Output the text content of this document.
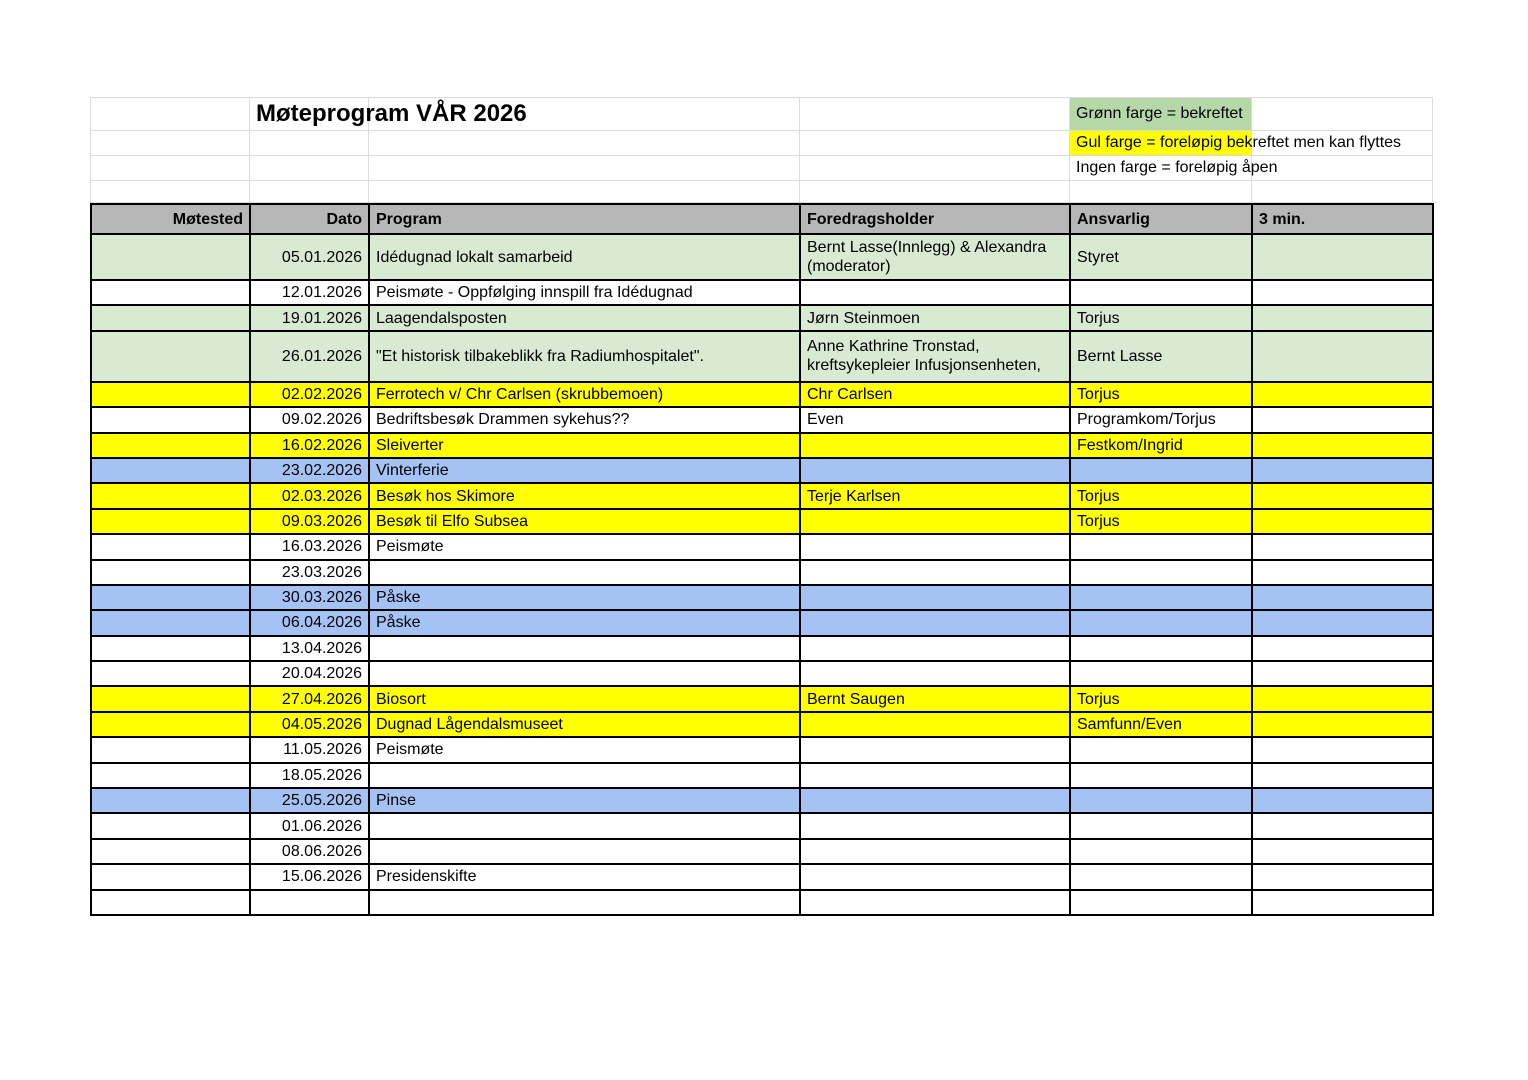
	Møteprogram VÅR 2026			Grønn farge = bekreftet	
				Gul farge = foreløpig bekreftet men kan flyttes	
				Ingen farge = foreløpig åpen	

Møtested	Dato	Program	Foredragsholder	Ansvarlig	3 min.
	05.01.2026	Idédugnad lokalt samarbeid	Bernt Lasse(Innlegg) & Alexandra (moderator)	Styret	
	12.01.2026	Peismøte - Oppfølging innspill fra Idédugnad			
	19.01.2026	Laagendalsposten	Jørn Steinmoen	Torjus	
	26.01.2026	"Et historisk tilbakeblikk fra Radiumhospitalet".	Anne Kathrine Tronstad, kreftsykepleier Infusjonsenheten,	Bernt Lasse	
	02.02.2026	Ferrotech v/ Chr Carlsen (skrubbemoen)	Chr Carlsen	Torjus	
	09.02.2026	Bedriftsbesøk Drammen sykehus??	Even	Programkom/Torjus	
	16.02.2026	Sleiverter		Festkom/Ingrid	
	23.02.2026	Vinterferie			
	02.03.2026	Besøk hos Skimore	Terje Karlsen	Torjus	
	09.03.2026	Besøk til Elfo Subsea		Torjus	
	16.03.2026	Peismøte			
	23.03.2026				
	30.03.2026	Påske			
	06.04.2026	Påske			
	13.04.2026				
	20.04.2026				
	27.04.2026	Biosort	Bernt Saugen	Torjus	
	04.05.2026	Dugnad Lågendalsmuseet		Samfunn/Even	
	11.05.2026	Peismøte			
	18.05.2026				
	25.05.2026	Pinse			
	01.06.2026				
	08.06.2026				
	15.06.2026	Presidenskifte			
